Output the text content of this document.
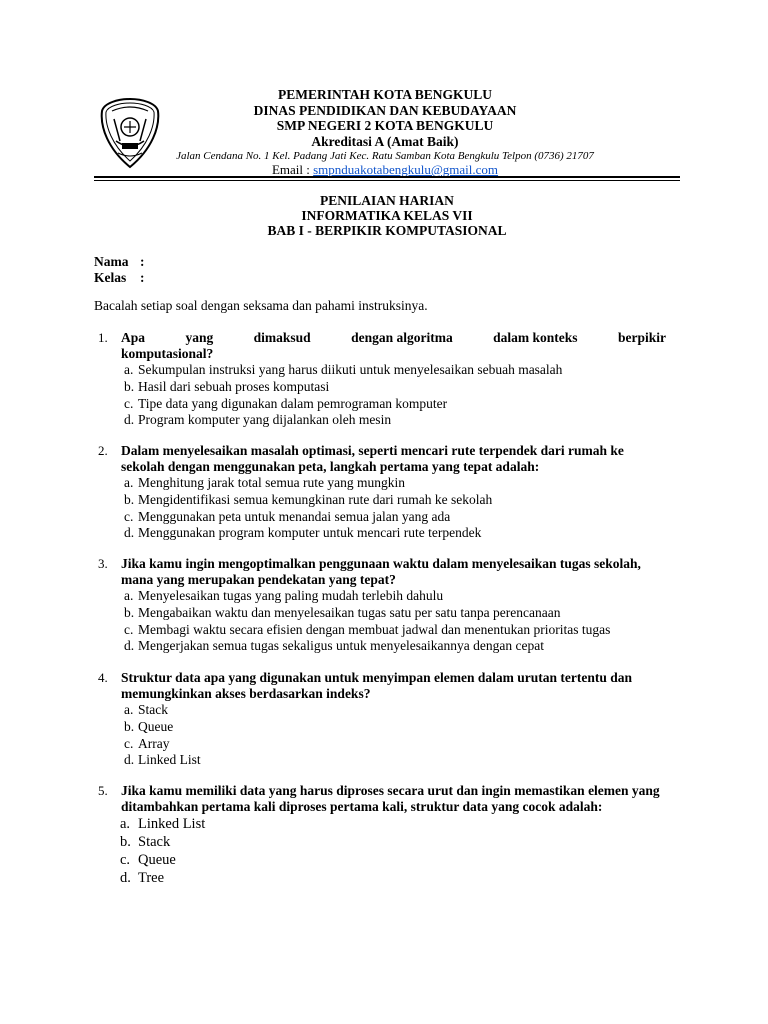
PEMERINTAH KOTA BENGKULU
DINAS PENDIDIKAN DAN KEBUDAYAAN
SMP NEGERI 2 KOTA BENGKULU
Akreditasi A (Amat Baik)
Jalan Cendana No. 1 Kel. Padang Jati Kec. Ratu Samban Kota Bengkulu Telpon (0736) 21707
Email : smpnduakotabengkulu@gmail.com
PENILAIAN HARIAN
INFORMATIKA KELAS VII
BAB I - BERPIKIR KOMPUTASIONAL
Nama :
Kelas :
Bacalah setiap soal dengan seksama dan pahami instruksinya.
1. Apa	yang	dimaksud	dengan algoritma	dalam konteks	berpikir
komputasional?
a. Sekumpulan instruksi yang harus diikuti untuk menyelesaikan sebuah masalah
b. Hasil dari sebuah proses komputasi
c. Tipe data yang digunakan dalam pemrograman komputer
d. Program komputer yang dijalankan oleh mesin
2. Dalam menyelesaikan masalah optimasi, seperti mencari rute terpendek dari rumah ke sekolah dengan menggunakan peta, langkah pertama yang tepat adalah:
a. Menghitung jarak total semua rute yang mungkin
b. Mengidentifikasi semua kemungkinan rute dari rumah ke sekolah
c. Menggunakan peta untuk menandai semua jalan yang ada
d. Menggunakan program komputer untuk mencari rute terpendek
3. Jika kamu ingin mengoptimalkan penggunaan waktu dalam menyelesaikan tugas sekolah, mana yang merupakan pendekatan yang tepat?
a. Menyelesaikan tugas yang paling mudah terlebih dahulu
b. Mengabaikan waktu dan menyelesaikan tugas satu per satu tanpa perencanaan
c. Membagi waktu secara efisien dengan membuat jadwal dan menentukan prioritas tugas
d. Mengerjakan semua tugas sekaligus untuk menyelesaikannya dengan cepat
4. Struktur data apa yang digunakan untuk menyimpan elemen dalam urutan tertentu dan memungkinkan akses berdasarkan indeks?
a. Stack
b. Queue
c. Array
d. Linked List
5. Jika kamu memiliki data yang harus diproses secara urut dan ingin memastikan elemen yang ditambahkan pertama kali diproses pertama kali, struktur data yang cocok adalah:
a. Linked List
b. Stack
c. Queue
d. Tree
